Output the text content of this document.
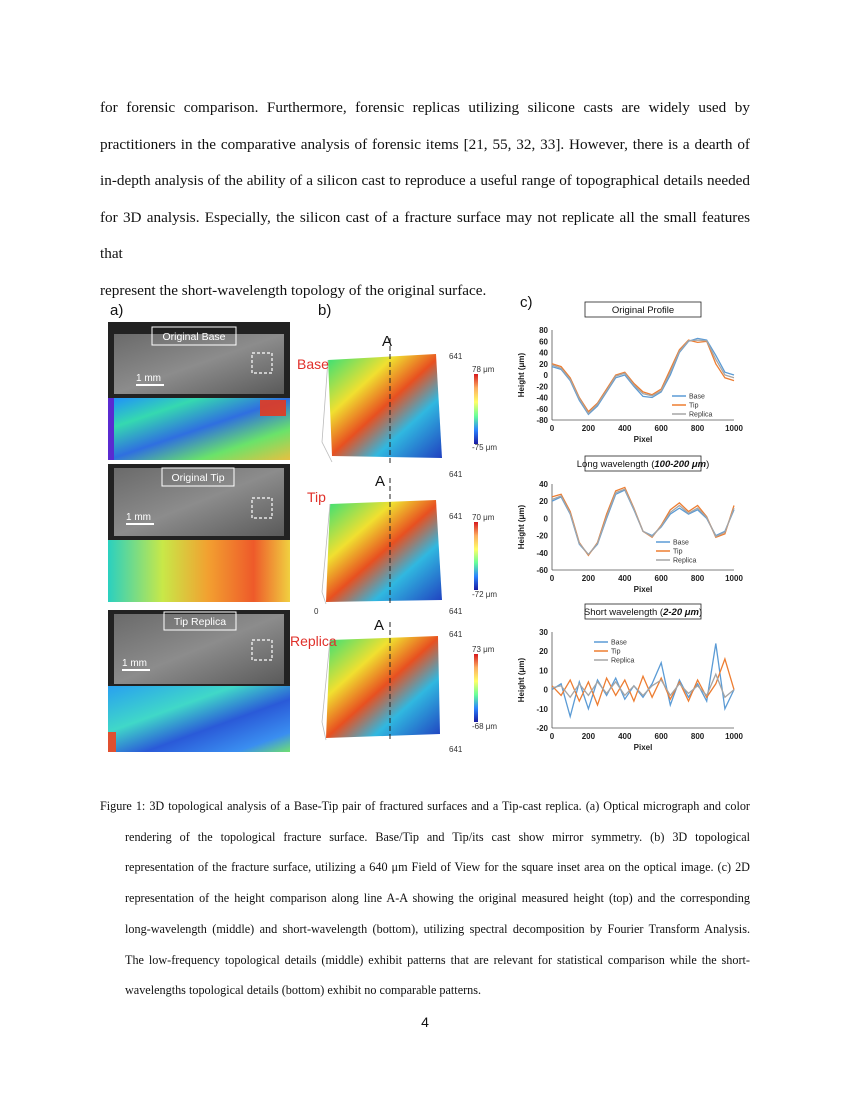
for forensic comparison. Furthermore, forensic replicas utilizing silicone casts are widely used by

practitioners in the comparative analysis of forensic items [21, 55, 32, 33]. However, there is a dearth of

in-depth analysis of the ability of a silicon cast to reproduce a useful range of topographical details needed

for 3D analysis. Especially, the silicon cast of a fracture surface may not replicate all the small features that

represent the short-wavelength topology of the original surface.

a)
Original Base
1 mm
Original Tip
1 mm
Tip Replica
1 mm
b)
A
Base	641
641
78 μm
-75 μm
A
Tip
641
0	641
70 μm
-72 μm
A
Replica	641
641
73 μm
-68 μm
c)	Original Profile
80
60
40
20
0
-20
-40
-60
-80
0	200	400	600	800	1000
Pixel
Height (μm)	Base
Tip
Replica
Long wavelength (100-200 μm)
40
20
0
-20
-40
-60
0	200	400	600	800	1000
Pixel
Height (μm)	Base
Tip
Replica
Short wavelength (2-20 μm)
30
20
10
0
-10
-20
0	200	400	600	800	1000
Pixel
Height (μm)
Base
Tip
Replica
Figure 1: 3D topological analysis of a Base-Tip pair of fractured surfaces and a Tip-cast replica. (a) Optical micrograph and color
rendering of the topological fracture surface. Base/Tip and Tip/its cast show mirror symmetry. (b) 3D topological
representation of the fracture surface, utilizing a 640 μm Field of View for the square inset area on the optical image. (c) 2D
representation of the height comparison along line A-A showing the original measured height (top) and the corresponding
long-wavelength (middle) and short-wavelength (bottom), utilizing spectral decomposition by Fourier Transform Analysis.
The low-frequency topological details (middle) exhibit patterns that are relevant for statistical comparison while the short-
wavelengths topological details (bottom) exhibit no comparable patterns.
4
